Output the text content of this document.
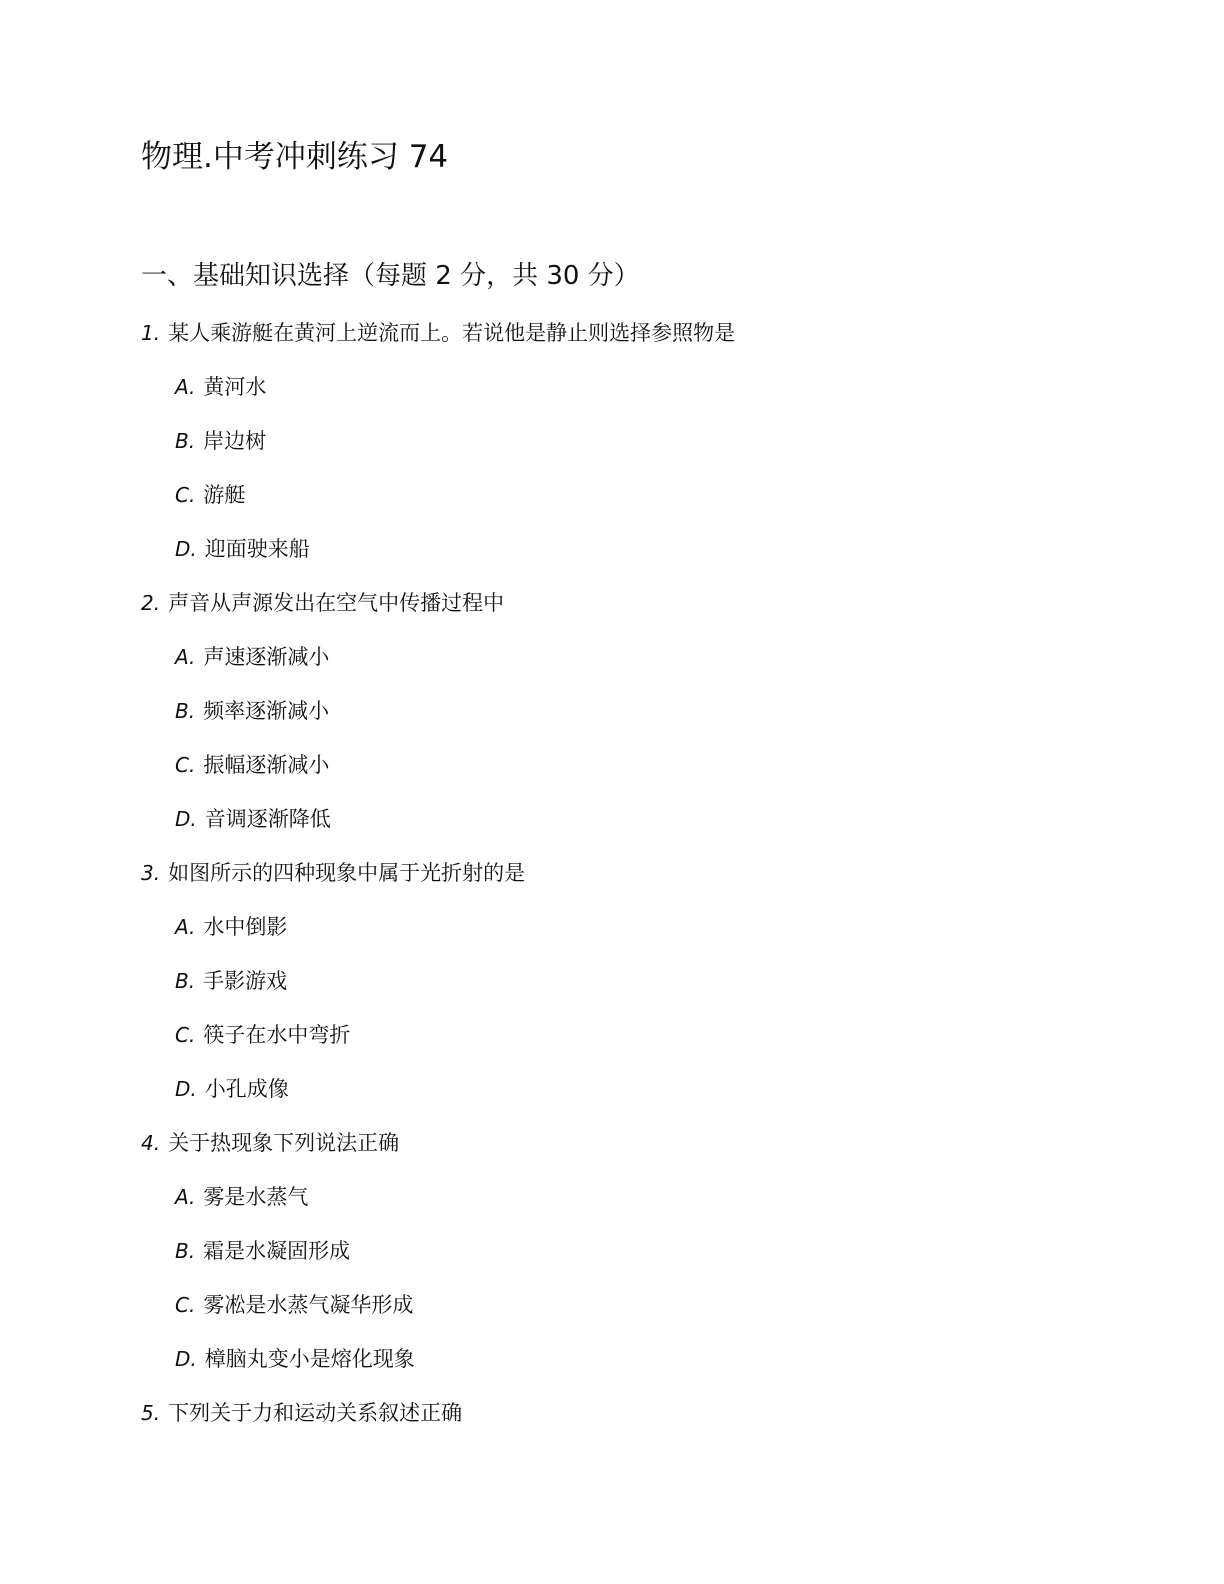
物理.中考冲刺练习 74
一、基础知识选择（每题 2 分，共 30 分）
1. 某人乘游艇在黄河上逆流而上。若说他是静止则选择参照物是
A. 黄河水
B. 岸边树
C. 游艇
D. 迎面驶来船
2. 声音从声源发出在空气中传播过程中
A. 声速逐渐减小
B. 频率逐渐减小
C. 振幅逐渐减小
D. 音调逐渐降低
3. 如图所示的四种现象中属于光折射的是
A. 水中倒影
B. 手影游戏
C. 筷子在水中弯折
D. 小孔成像
4. 关于热现象下列说法正确
A. 雾是水蒸气
B. 霜是水凝固形成
C. 雾凇是水蒸气凝华形成
D. 樟脑丸变小是熔化现象
5. 下列关于力和运动关系叙述正确
